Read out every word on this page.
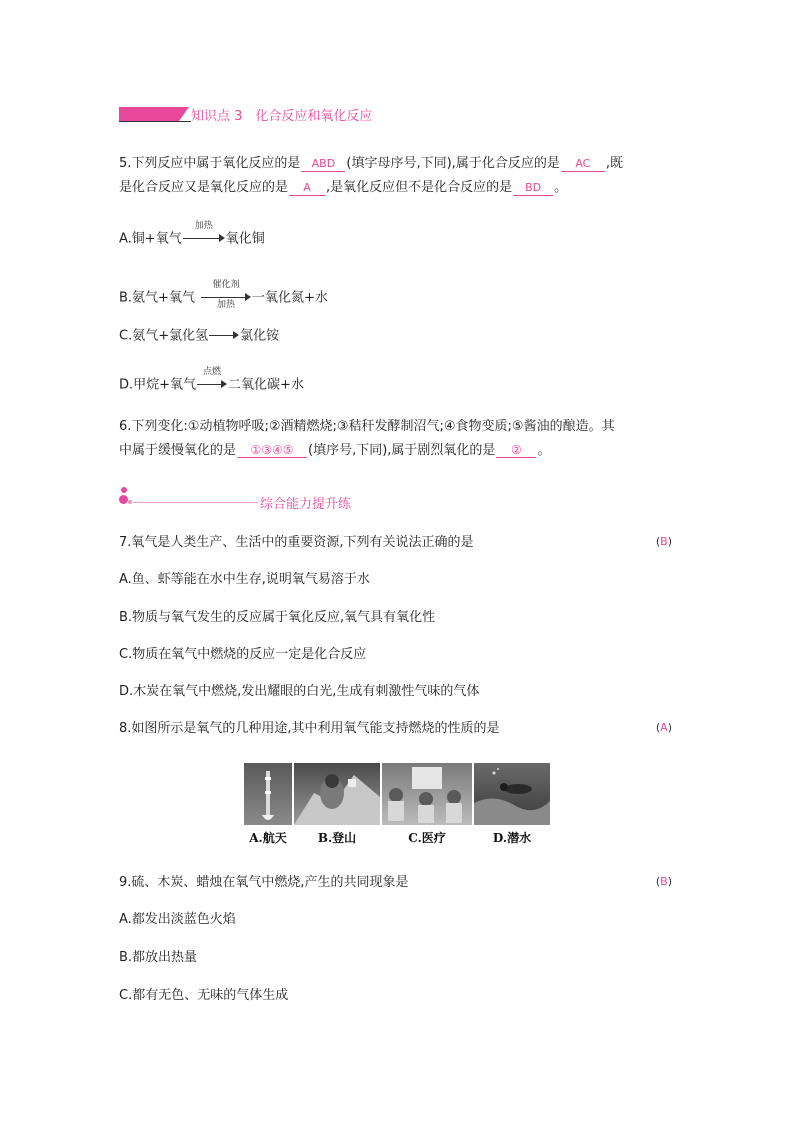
知识点 3　化合反应和氧化反应
5.下列反应中属于氧化反应的是 ABD (填字母序号,下同),属于化合反应的是 AC ,既
是化合反应又是氧化反应的是 A ,是氧化反应但不是化合反应的是 BD 。
A.铜+氧气
加热
氧化铜
B.氨气+氧气
催化剂
加热	一氧化氮+水
C.氨气+氯化氢 氯化铵
D.甲烷+氧气
点燃
二氧化碳+水
6.下列变化:①动植物呼吸;②酒精燃烧;③秸秆发酵制沼气;④食物变质;⑤酱油的酿造。其
中属于缓慢氧化的是 ①③④⑤ (填序号,下同),属于剧烈氧化的是 ② 。
综合能力提升练
7.氧气是人类生产、生活中的重要资源,下列有关说法正确的是	(B)
A.鱼、虾等能在水中生存,说明氧气易溶于水
B.物质与氧气发生的反应属于氧化反应,氧气具有氧化性
C.物质在氧气中燃烧的反应一定是化合反应
D.木炭在氧气中燃烧,发出耀眼的白光,生成有刺激性气味的气体
8.如图所示是氧气的几种用途,其中利用氧气能支持燃烧的性质的是	(A)
A.航天	B.登山	C.医疗	D.潜水
9.硫、木炭、蜡烛在氧气中燃烧,产生的共同现象是	(B)
A.都发出淡蓝色火焰
B.都放出热量
C.都有无色、无味的气体生成
